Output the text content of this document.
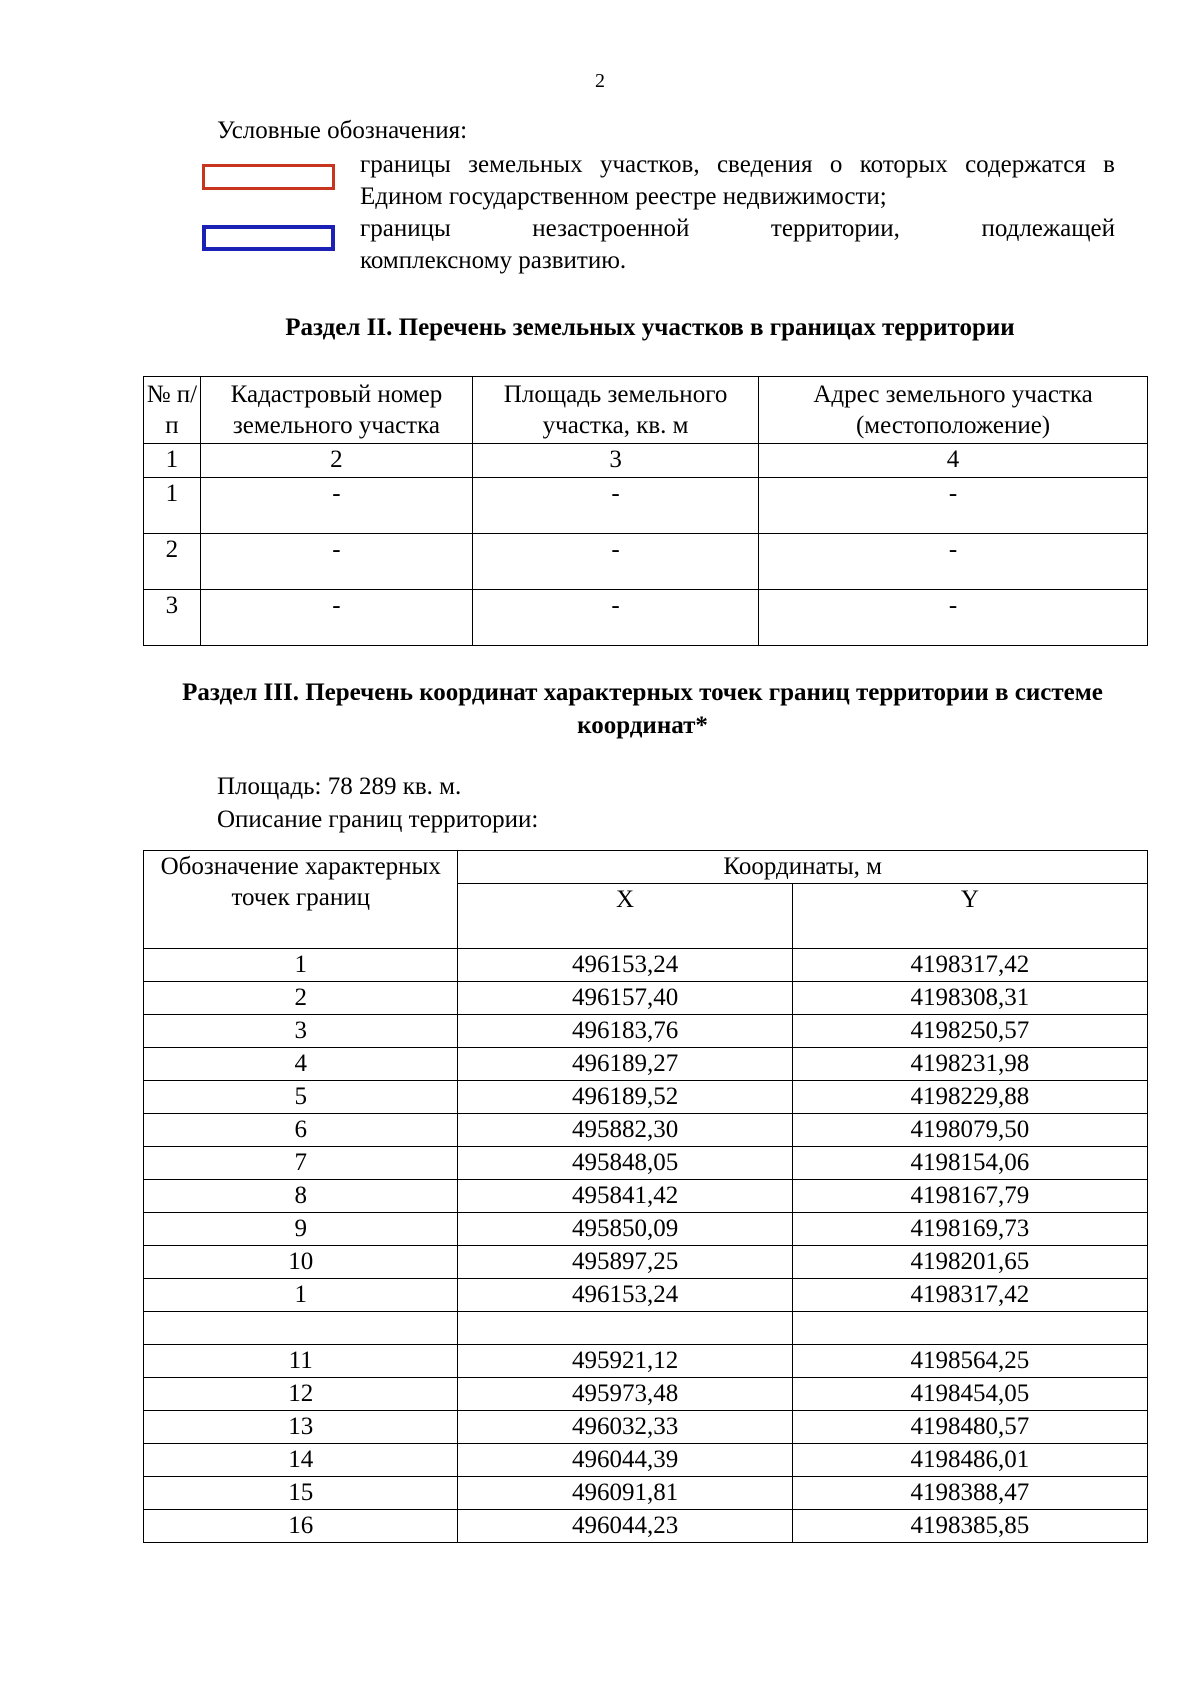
2
Условные обозначения:
границы земельных участков, сведения о которых содержатся в Едином государственном реестре недвижимости;
границы	незастроенной	территории,	подлежащей
комплексному развитию.
Раздел II. Перечень земельных участков в границах территории
№ п/п	Кадастровый номер земельного участка	Площадь земельного участка, кв. м	Адрес земельного участка (местоположение)
1	2	3	4
1	-	-	-
2	-	-	-
3	-	-	-
Раздел III. Перечень координат характерных точек границ территории в системе координат*
Площадь: 78 289 кв. м.
Описание границ территории:
Обозначение характерных точек границ	Координаты, м	
	X	Y
1	496153,24	4198317,42
2	496157,40	4198308,31
3	496183,76	4198250,57
4	496189,27	4198231,98
5	496189,52	4198229,88
6	495882,30	4198079,50
7	495848,05	4198154,06
8	495841,42	4198167,79
9	495850,09	4198169,73
10	495897,25	4198201,65
1	496153,24	4198317,42

11	495921,12	4198564,25
12	495973,48	4198454,05
13	496032,33	4198480,57
14	496044,39	4198486,01
15	496091,81	4198388,47
16	496044,23	4198385,85
